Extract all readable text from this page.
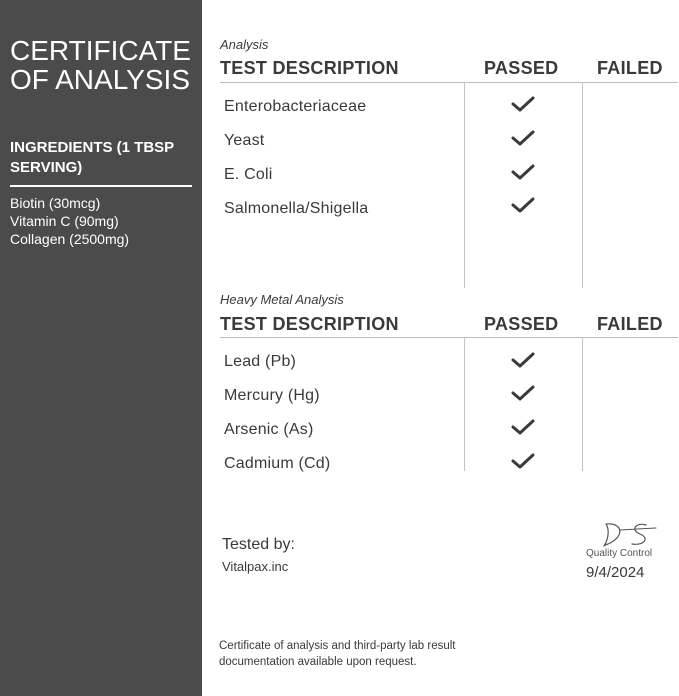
CERTIFICATE OF ANALYSIS
INGREDIENTS (1 TBSP SERVING)
Biotin (30mcg)
Vitamin C (90mg)
Collagen (2500mg)
Analysis
TEST DESCRIPTION	PASSED FAILED
Enterobacteriaceae
Yeast
E. Coli
Salmonella/Shigella
Heavy Metal Analysis
TEST DESCRIPTION	PASSED FAILED
Lead (Pb)
Mercury (Hg)
Arsenic (As)
Cadmium (Cd)
Tested by:
Vitalpax.inc
Quality Control
9/4/2024

Certificate of analysis and third-party lab result documentation available upon request.
